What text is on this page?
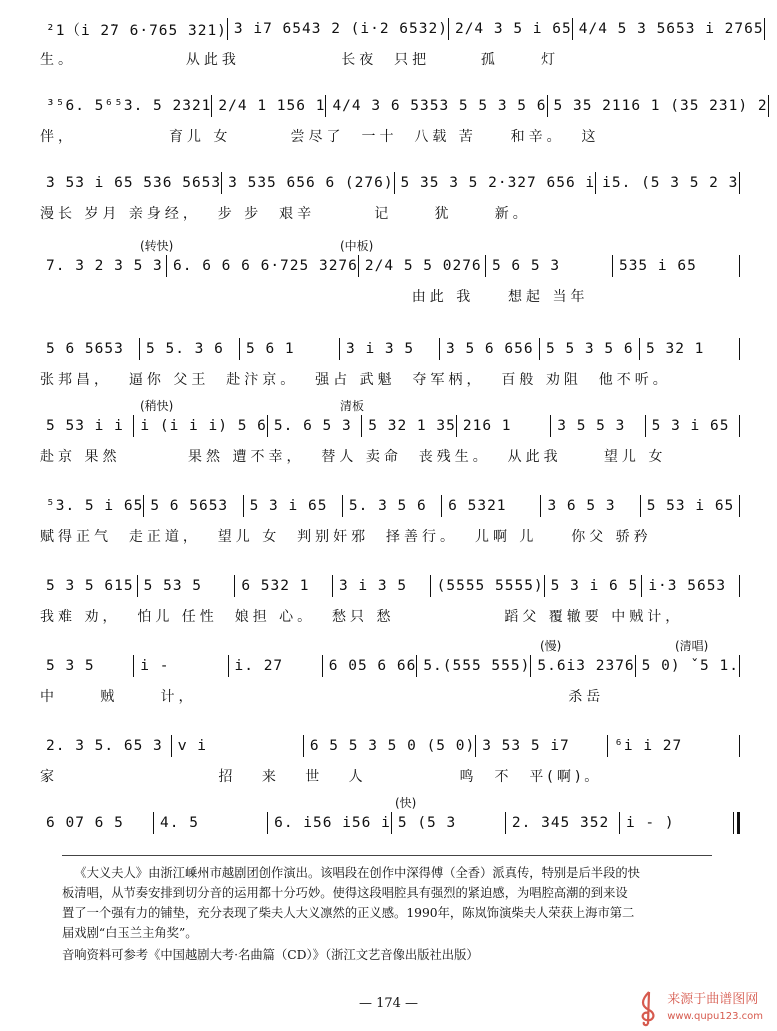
²1（i 2̇7 6·765 321) 3 i7 6543 2 (i·2 6532) 2/4 3 5 i 65 4/4 5 3 5653 i 2765
生。             从此我            长夜  只把      孤     灯
³⁵6. 5⁶⁵3. 5 2321 2/4 1 156 1 4/4 3 6 5353 5 5 3 5 6 5 35 2116 1 (35 231) 2
伴，           育儿 女       尝尽了  一十  八载 苦    和辛。  这
3 53 i 65 536 5653 3 535 656 6 (276) 5 35 3 5 2·327 656 i i5. (5 3 5 2 3
漫长 岁月 亲身经，  步 步  艰辛       记     犹     新。
7. 3 2 3 5 3 6. 6 6 6 6·725 3276 2/4 5 5 0276 5 6 5 3	535 i 65
由此 我    想起 当年
(转快)	(中板)
5 6 5653	5 5. 3 6	5 6 1	3 i 3 5	3 5 6 656 5 5 3 5 6 5 32 1
张邦昌，  逼你 父王  赴汴京。  强占 武魁  夺军柄，  百般 劝阻  他不听。
5 53 i i	i (i i i) 5 6 5. 6 5 3	5 32 1 35 216 1	3 5 5 3	5 3 i 65
赴京 果然        果然 遭不幸，  替人 卖命  丧残生。  从此我     望儿 女
(稍快)	清板
⁵3. 5 i 65 5 6 5653	5 3 i 65	5. 3 5 6	6 5321	3 6 5 3	5 53 i 65
赋得正气  走正道，  望儿 女  判别奸邪  择善行。  儿啊 儿    你父 骄矜
5 3 5 615 5 53 5	6 532 1	3 i 3 5	(5555 5555) 5 3 i 6 5 i·3 5653
我难 劝，  怕儿 任性  娘担 心。  愁只 愁             蹈父 覆辙要 中贼计，
5 3 5	i -	i. 27	6 05 6 66 5.(555 555) 5.6i3 2376 5 0) ˇ5 1.
中     贼     计，                                            杀岳
(慢)	(清唱)
2. 3 5. 65 3	ⅴ i	6 5 5 3 5 0 (5 0) 3 53 5 i7	⁶i i 27
家                   招   来   世   人           鸣  不  平(啊)。
6 07 6 5	4. 5	6. i56 i56 i 5 (5 3	2. 345 352	i - )
(快)
《大义夫人》由浙江嵊州市越剧团创作演出。该唱段在创作中深得傅（全香）派真传，特别是后半段的快
板清唱，从节奏安排到切分音的运用都十分巧妙。使得这段唱腔具有强烈的紧迫感，为唱腔高潮的到来设
置了一个强有力的铺垫，充分表现了柴夫人大义凛然的正义感。1990年，陈岚饰演柴夫人荣获上海市第二
届戏剧“白玉兰主角奖”。
音响资料可参考《中国越剧大考·名曲篇（CD）》（浙江文艺音像出版社出版）
— 174 —	来源于曲谱图网
www.qupu123.com
